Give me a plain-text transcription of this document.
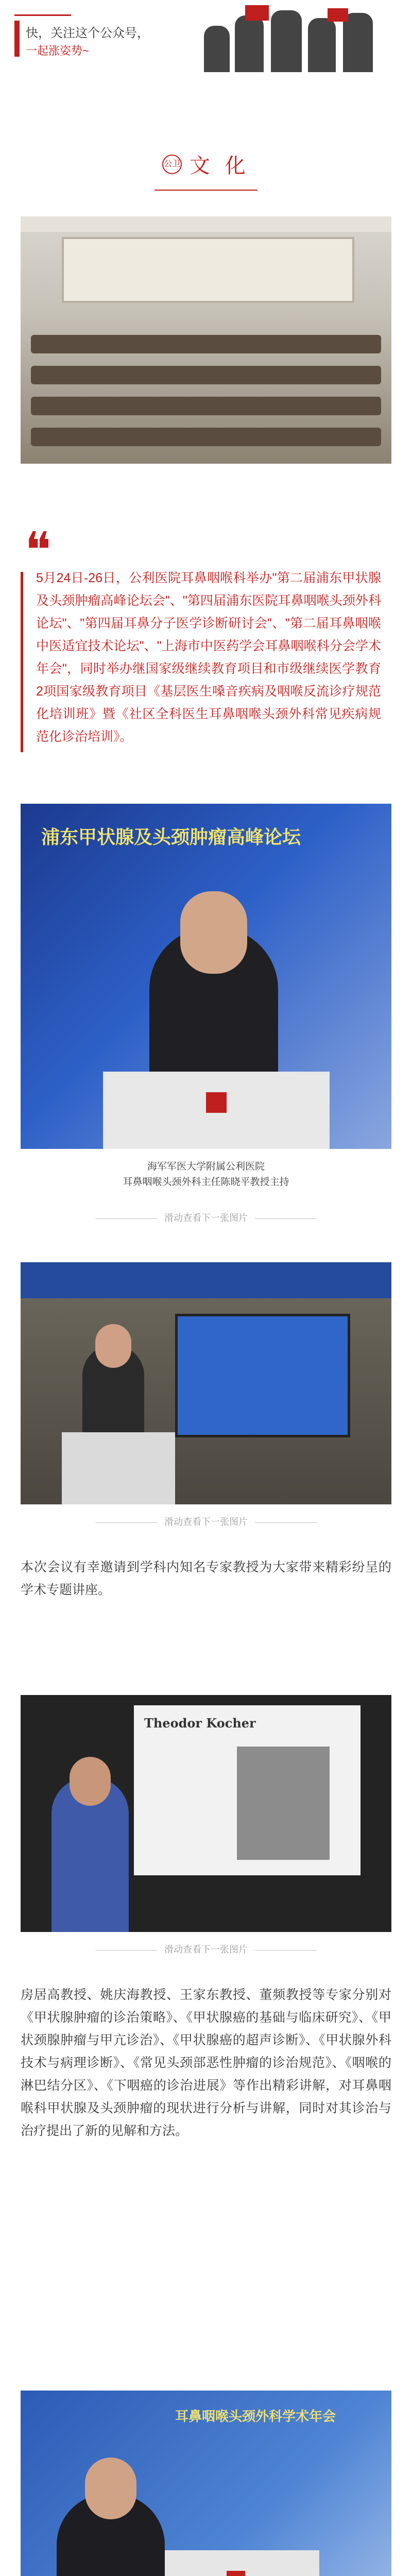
快，关注这个公众号，
一起涨姿势~
公卫 文 化
❝
5月24日-26日，公利医院耳鼻咽喉科举办"第二届浦东甲状腺及头颈肿瘤高峰论坛会"、"第四届浦东医院耳鼻咽喉头颈外科论坛"、"第四届耳鼻分子医学诊断研讨会"、"第二届耳鼻咽喉中医适宜技术论坛"、"上海市中医药学会耳鼻咽喉科分会学术年会"，同时举办继国家级继续教育项目和市级继续医学教育2项国家级教育项目《基层医生嗓音疾病及咽喉反流诊疗规范化培训班》暨《社区全科医生耳鼻咽喉头颈外科常见疾病规范化诊治培训》。
浦东甲状腺及头颈肿瘤高峰论坛
海军军医大学附属公利医院
耳鼻咽喉头颈外科主任陈晓平教授主持
滑动查看下一张图片
滑动查看下一张图片
本次会议有幸邀请到学科内知名专家教授为大家带来精彩纷呈的学术专题讲座。
Theodor Kocher
滑动查看下一张图片
房居高教授、姚庆海教授、王家东教授、董频教授等专家分别对《甲状腺肿瘤的诊治策略》、《甲状腺癌的基础与临床研究》、《甲状颈腺肿瘤与甲亢诊治》、《甲状腺癌的超声诊断》、《甲状腺外科技术与病理诊断》、《常见头颈部恶性肿瘤的诊治规范》、《咽喉的淋巴结分区》、《下咽癌的诊治进展》等作出精彩讲解，对耳鼻咽喉科甲状腺及头颈肿瘤的现状进行分析与讲解，同时对其诊治与治疗提出了新的见解和方法。
耳鼻咽喉头颈外科学术年会
